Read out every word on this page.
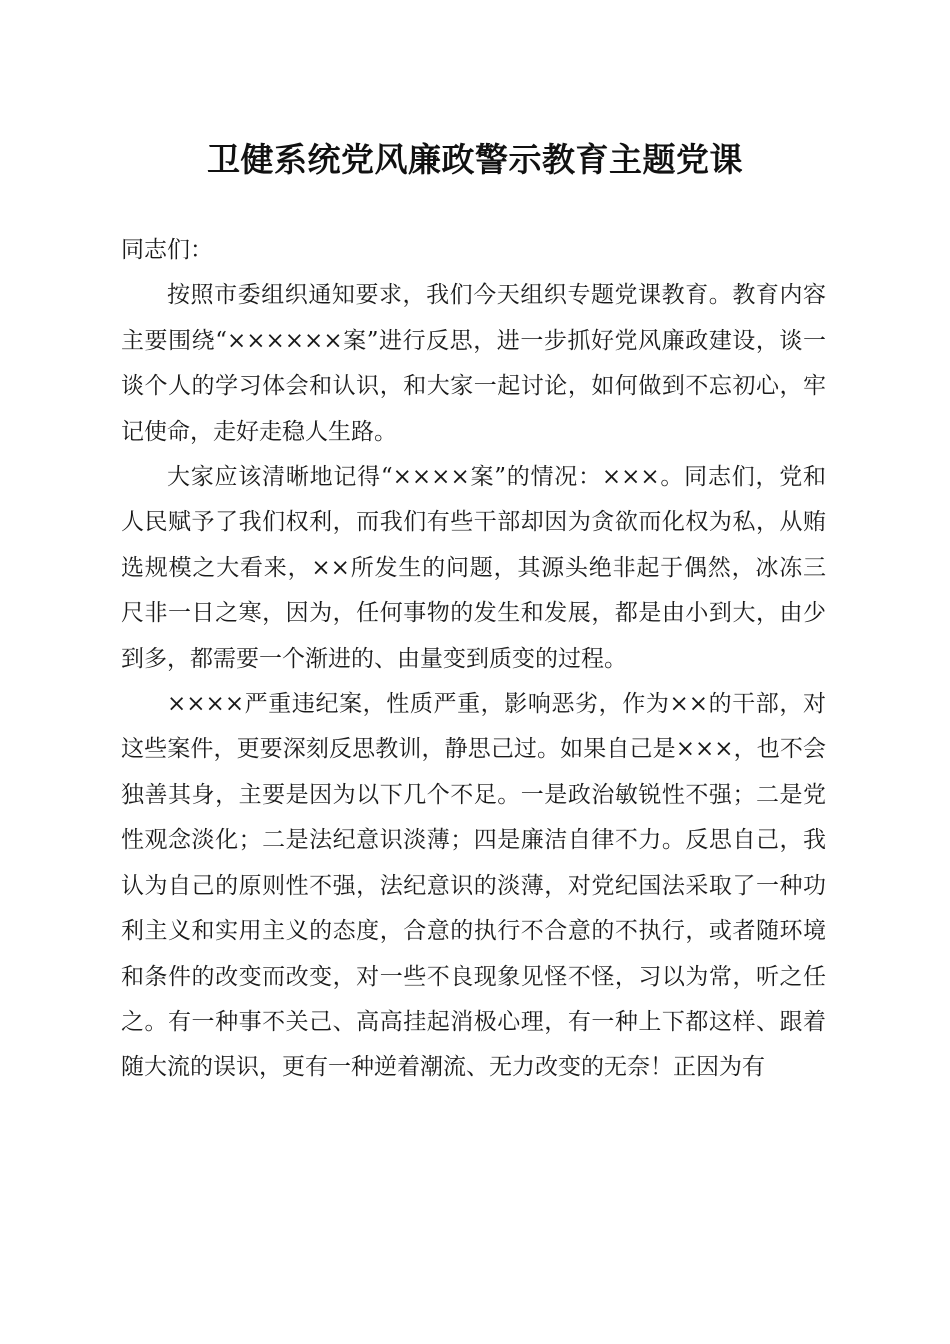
卫健系统党风廉政警示教育主题党课

同志们：

按照市委组织通知要求，我们今天组织专题党课教育。教育内容主要围绕“××××××案”进行反思，进一步抓好党风廉政建设，谈一谈个人的学习体会和认识，和大家一起讨论，如何做到不忘初心，牢记使命，走好走稳人生路。

大家应该清晰地记得“××××案”的情况：×××。同志们，党和人民赋予了我们权利，而我们有些干部却因为贪欲而化权为私，从贿选规模之大看来，××所发生的问题，其源头绝非起于偶然，冰冻三尺非一日之寒，因为，任何事物的发生和发展，都是由小到大，由少到多，都需要一个渐进的、由量变到质变的过程。

××××严重违纪案，性质严重，影响恶劣，作为××的干部，对这些案件，更要深刻反思教训，静思己过。如果自己是×××，也不会独善其身，主要是因为以下几个不足。一是政治敏锐性不强；二是党性观念淡化；二是法纪意识淡薄；四是廉洁自律不力。反思自己，我认为自己的原则性不强，法纪意识的淡薄，对党纪国法采取了一种功利主义和实用主义的态度，合意的执行不合意的不执行，或者随环境和条件的改变而改变，对一些不良现象见怪不怪，习以为常，听之任之。有一种事不关己、高高挂起消极心理，有一种上下都这样、跟着随大流的误识，更有一种逆着潮流、无力改变的无奈！正因为有
